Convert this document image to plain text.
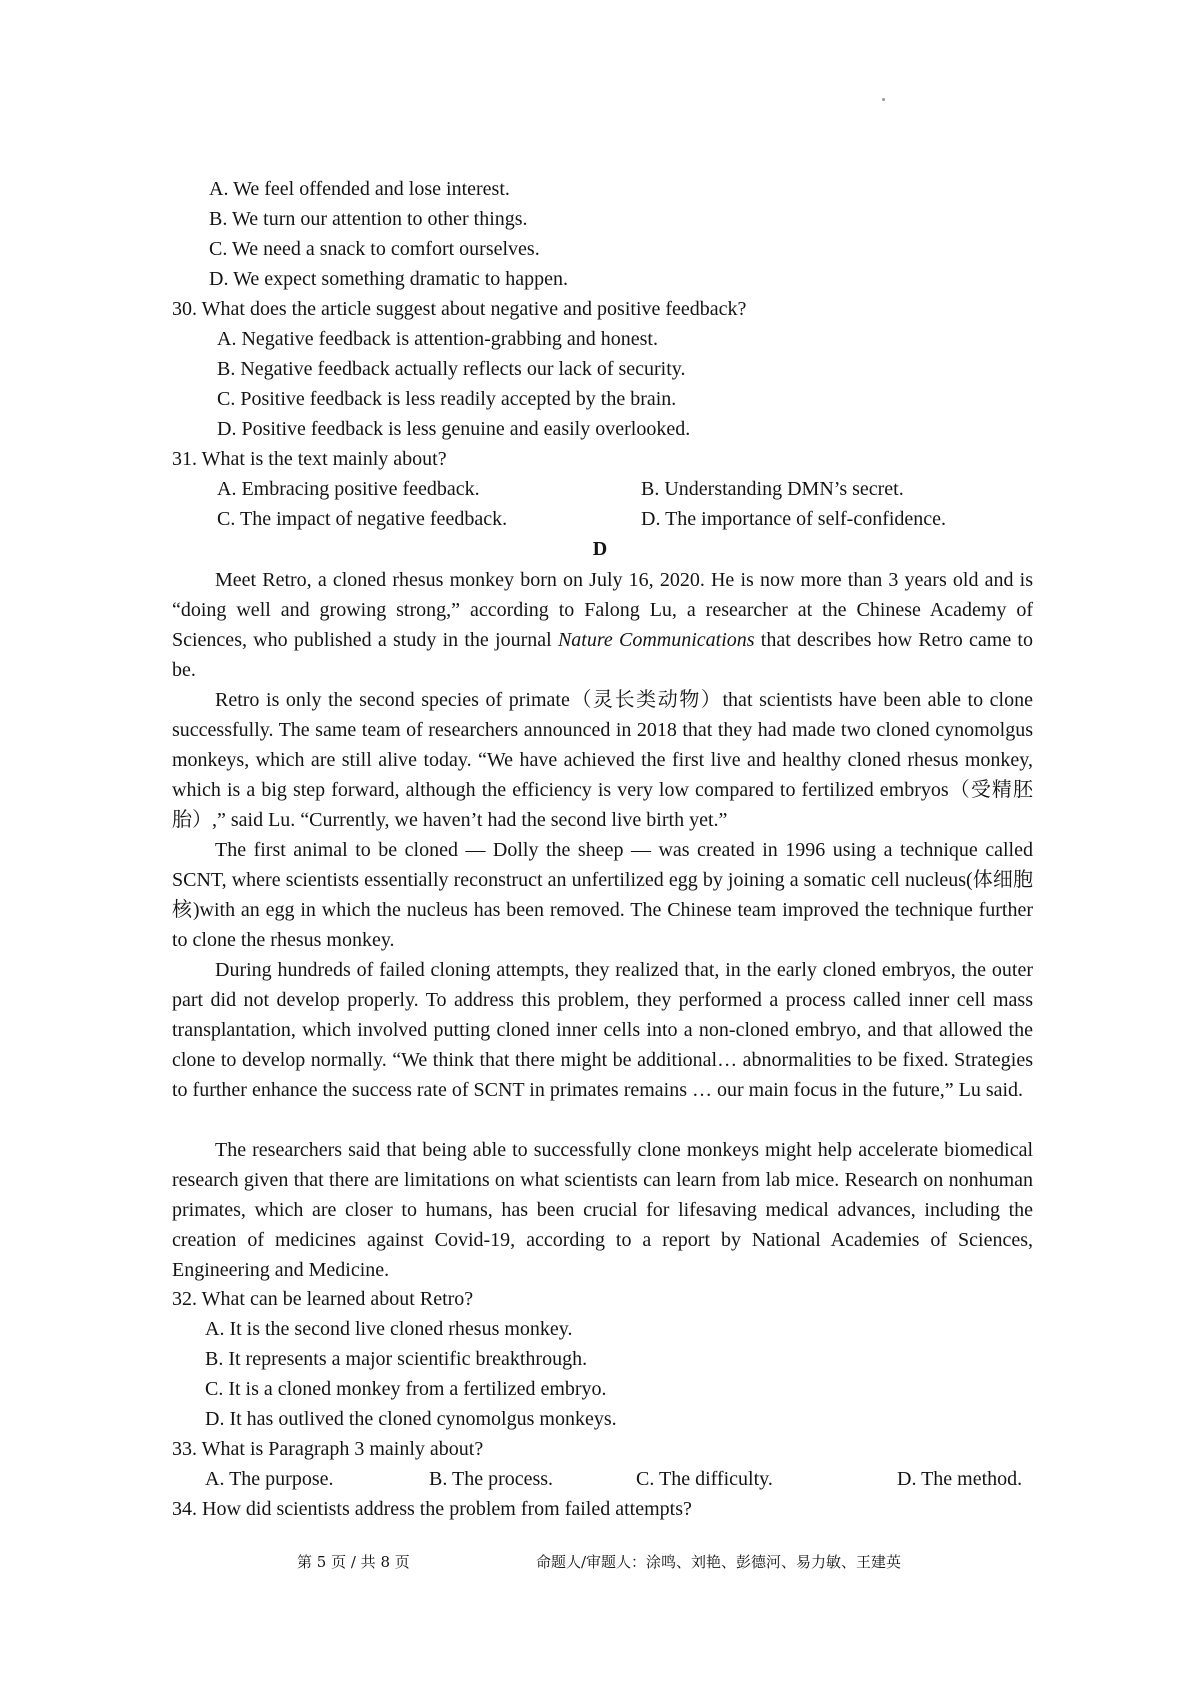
A. We feel offended and lose interest.
B. We turn our attention to other things.
C. We need a snack to comfort ourselves.
D. We expect something dramatic to happen.
30. What does the article suggest about negative and positive feedback?
A. Negative feedback is attention-grabbing and honest.
B. Negative feedback actually reflects our lack of security.
C. Positive feedback is less readily accepted by the brain.
D. Positive feedback is less genuine and easily overlooked.
31. What is the text mainly about?
A. Embracing positive feedback.	B. Understanding DMN’s secret.
C. The impact of negative feedback.	D. The importance of self-confidence.
D
Meet Retro, a cloned rhesus monkey born on July 16, 2020. He is now more than 3 years old and is “doing well and growing strong,” according to Falong Lu, a researcher at the Chinese Academy of Sciences, who published a study in the journal Nature Communications that describes how Retro came to be.
Retro is only the second species of primate（灵长类动物）that scientists have been able to clone successfully. The same team of researchers announced in 2018 that they had made two cloned cynomolgus monkeys, which are still alive today. “We have achieved the first live and healthy cloned rhesus monkey, which is a big step forward, although the efficiency is very low compared to fertilized embryos（受精胚胎）,” said Lu. “Currently, we haven’t had the second live birth yet.”
The first animal to be cloned — Dolly the sheep — was created in 1996 using a technique called SCNT, where scientists essentially reconstruct an unfertilized egg by joining a somatic cell nucleus(体细胞核)with an egg in which the nucleus has been removed. The Chinese team improved the technique further to clone the rhesus monkey.
During hundreds of failed cloning attempts, they realized that, in the early cloned embryos, the outer part did not develop properly. To address this problem, they performed a process called inner cell mass transplantation, which involved putting cloned inner cells into a non-cloned embryo, and that allowed the clone to develop normally. “We think that there might be additional… abnormalities to be fixed. Strategies to further enhance the success rate of SCNT in primates remains … our main focus in the future,” Lu said.
The researchers said that being able to successfully clone monkeys might help accelerate biomedical research given that there are limitations on what scientists can learn from lab mice. Research on nonhuman primates, which are closer to humans, has been crucial for lifesaving medical advances, including the creation of medicines against Covid-19, according to a report by National Academies of Sciences, Engineering and Medicine.
32. What can be learned about Retro?
A. It is the second live cloned rhesus monkey.
B. It represents a major scientific breakthrough.
C. It is a cloned monkey from a fertilized embryo.
D. It has outlived the cloned cynomolgus monkeys.
33. What is Paragraph 3 mainly about?
A. The purpose.	B. The process.	C. The difficulty.	D. The method.
34. How did scientists address the problem from failed attempts?
第 5 页 / 共 8 页	命题人/审题人：涂鸣、刘艳、彭德河、易力敏、王建英
